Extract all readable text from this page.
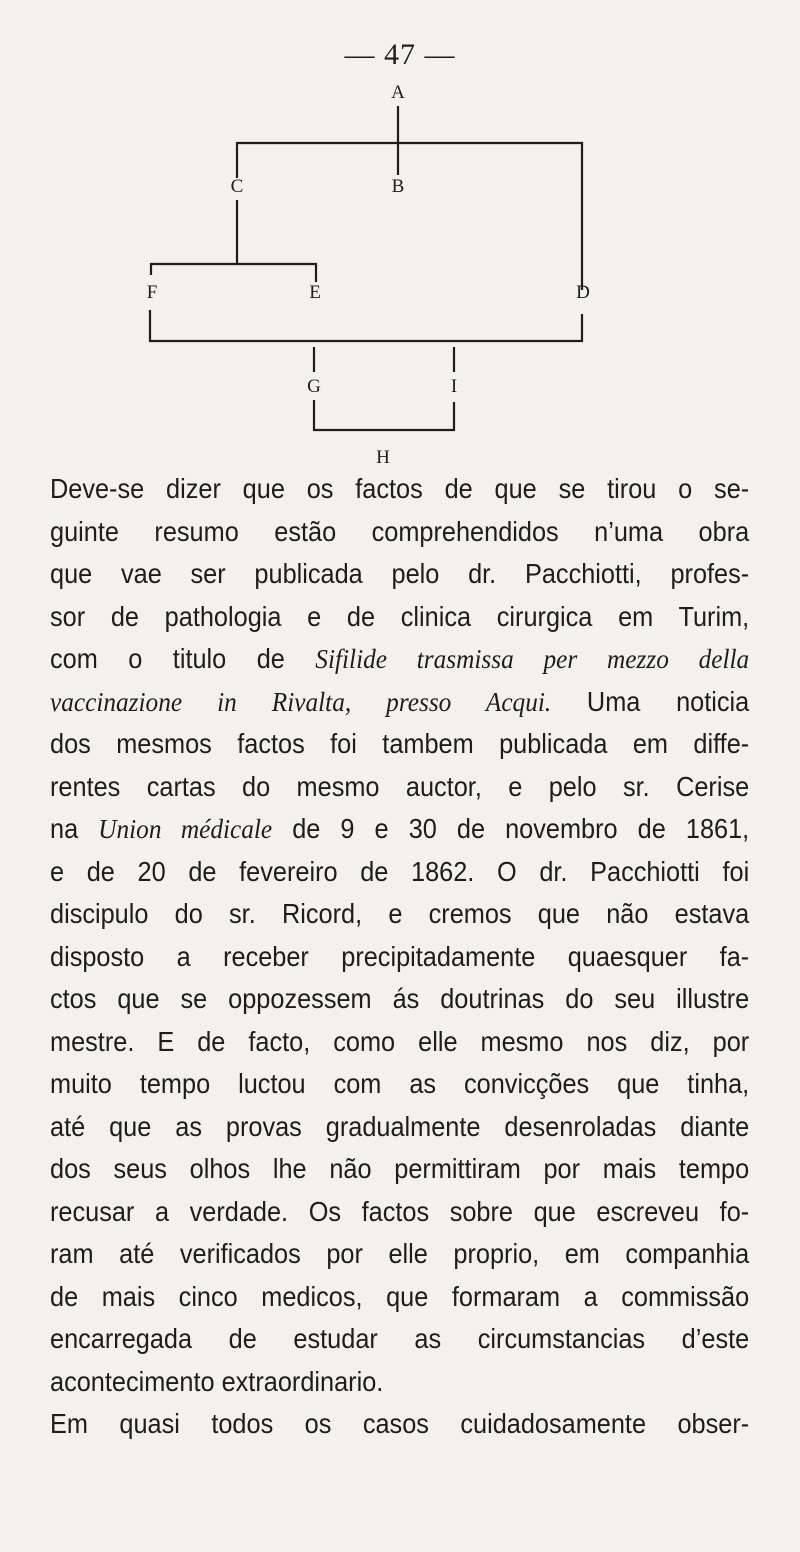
— 47 —
A
B
C
F	E	D
G	I
H
Deve-se dizer que os factos de que se tirou o se-
guinte resumo estão comprehendidos n’uma obra
que vae ser publicada pelo dr. Pacchiotti, profes-
sor de pathologia e de clinica cirurgica em Turim,
com o titulo de Sifilide trasmissa per mezzo della
vaccinazione in Rivalta, presso Acqui. Uma noticia
dos mesmos factos foi tambem publicada em diffe-
rentes cartas do mesmo auctor, e pelo sr. Cerise
na Union médicale de 9 e 30 de novembro de 1861,
e de 20 de fevereiro de 1862. O dr. Pacchiotti foi
discipulo do sr. Ricord, e cremos que não estava
disposto a receber precipitadamente quaesquer fa-
ctos que se oppozessem ás doutrinas do seu illustre
mestre. E de facto, como elle mesmo nos diz, por
muito tempo luctou com as convicções que tinha,
até que as provas gradualmente desenroladas diante
dos seus olhos lhe não permittiram por mais tempo
recusar a verdade. Os factos sobre que escreveu fo-
ram até verificados por elle proprio, em companhia
de mais cinco medicos, que formaram a commissão
encarregada de estudar as circumstancias d’este
acontecimento extraordinario.
Em quasi todos os casos cuidadosamente obser-
